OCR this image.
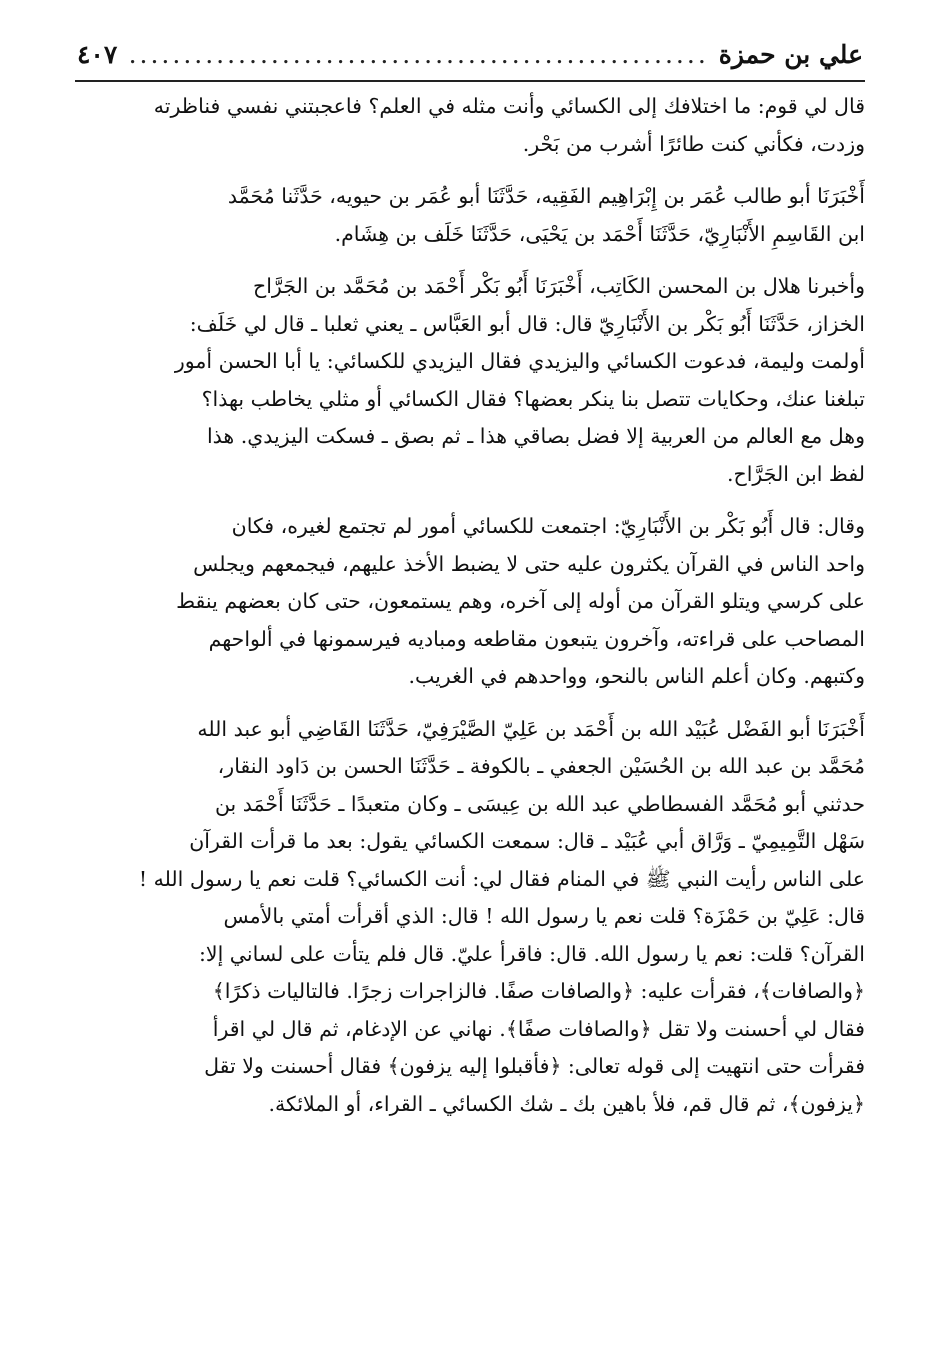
علي بن حمزة
.....
٤٠٧

قال لي قوم: ما اختلافك إلى الكسائي وأنت مثله في العلم؟ فاعجبتني نفسي فناظرته
وزدت، فكأني كنت طائرًا أشرب من بَحْر.

أَخْبَرَنَا أبو طالب عُمَر بن إِبْرَاهِيم الفَقِيه، حَدَّثَنَا أبو عُمَر بن حيويه، حَدَّثَنا مُحَمَّد
ابن القَاسِمِ الأَنْبَارِيّ، حَدَّثَنَا أَحْمَد بن يَحْيَى، حَدَّثَنَا خَلَف بن هِشَام.

وأخبرنا هلال بن المحسن الكَاتِب، أَخْبَرَنَا أَبُو بَكْر أَحْمَد بن مُحَمَّد بن الجَرَّاح
الخزاز، حَدَّثَنَا أَبُو بَكْر بن الأَنْبَارِيّ قال: قال أبو العَبَّاس ـ يعني ثعلبا ـ قال لي خَلَف:
أولمت وليمة، فدعوت الكسائي واليزيدي فقال اليزيدي للكسائي: يا أبا الحسن أمور
تبلغنا عنك، وحكايات تتصل بنا ينكر بعضها؟ فقال الكسائي أو مثلي يخاطب بهذا؟
وهل مع العالم من العربية إلا فضل بصاقي هذا ـ ثم بصق ـ فسكت اليزيدي. هذا
لفظ ابن الجَرَّاح.

وقال: قال أَبُو بَكْر بن الأَنْبَارِيّ: اجتمعت للكسائي أمور لم تجتمع لغيره، فكان
واحد الناس في القرآن يكثرون عليه حتى لا يضبط الأخذ عليهم، فيجمعهم ويجلس
على كرسي ويتلو القرآن من أوله إلى آخره، وهم يستمعون، حتى كان بعضهم ينقط
المصاحب على قراءته، وآخرون يتبعون مقاطعه ومباديه فيرسمونها في ألواحهم
وكتبهم. وكان أعلم الناس بالنحو، وواحدهم في الغريب.

أَخْبَرَنَا أبو الفَضْل عُبَيْد الله بن أَحْمَد بن عَلِيّ الصَّيْرَفِيّ، حَدَّثَنَا القَاضِي أبو عبد الله
مُحَمَّد بن عبد الله بن الحُسَيْن الجعفي ـ بالكوفة ـ حَدَّثَنَا الحسن بن دَاود النقار،
حدثني أبو مُحَمَّد الفسطاطي عبد الله بن عِيسَى ـ وكان متعبدًا ـ حَدَّثَنَا أَحْمَد بن
سَهْل التَّمِيمِيّ ـ وَرَّاق أبي عُبَيْد ـ قال: سمعت الكسائي يقول: بعد ما قرأت القرآن
على الناس رأيت النبي ﷺ في المنام فقال لي: أنت الكسائي؟ قلت نعم يا رسول الله !
قال: عَلِيّ بن حَمْزَة؟ قلت نعم يا رسول الله ! قال: الذي أقرأت أمتي بالأمس
القرآن؟ قلت: نعم يا رسول الله. قال: فاقرأ عليّ. قال فلم يتأت على لساني إلا:
﴿والصافات﴾، فقرأت عليه: ﴿والصافات صفًا. فالزاجرات زجرًا. فالتاليات ذكرًا﴾
فقال لي أحسنت ولا تقل ﴿والصافات صفًا﴾. نهاني عن الإدغام، ثم قال لي اقرأ
فقرأت حتى انتهيت إلى قوله تعالى: ﴿فأقبلوا إليه يزفون﴾ فقال أحسنت ولا تقل
﴿يزفون﴾، ثم قال قم، فلأ باهين بك ـ شك الكسائي ـ القراء، أو الملائكة.
